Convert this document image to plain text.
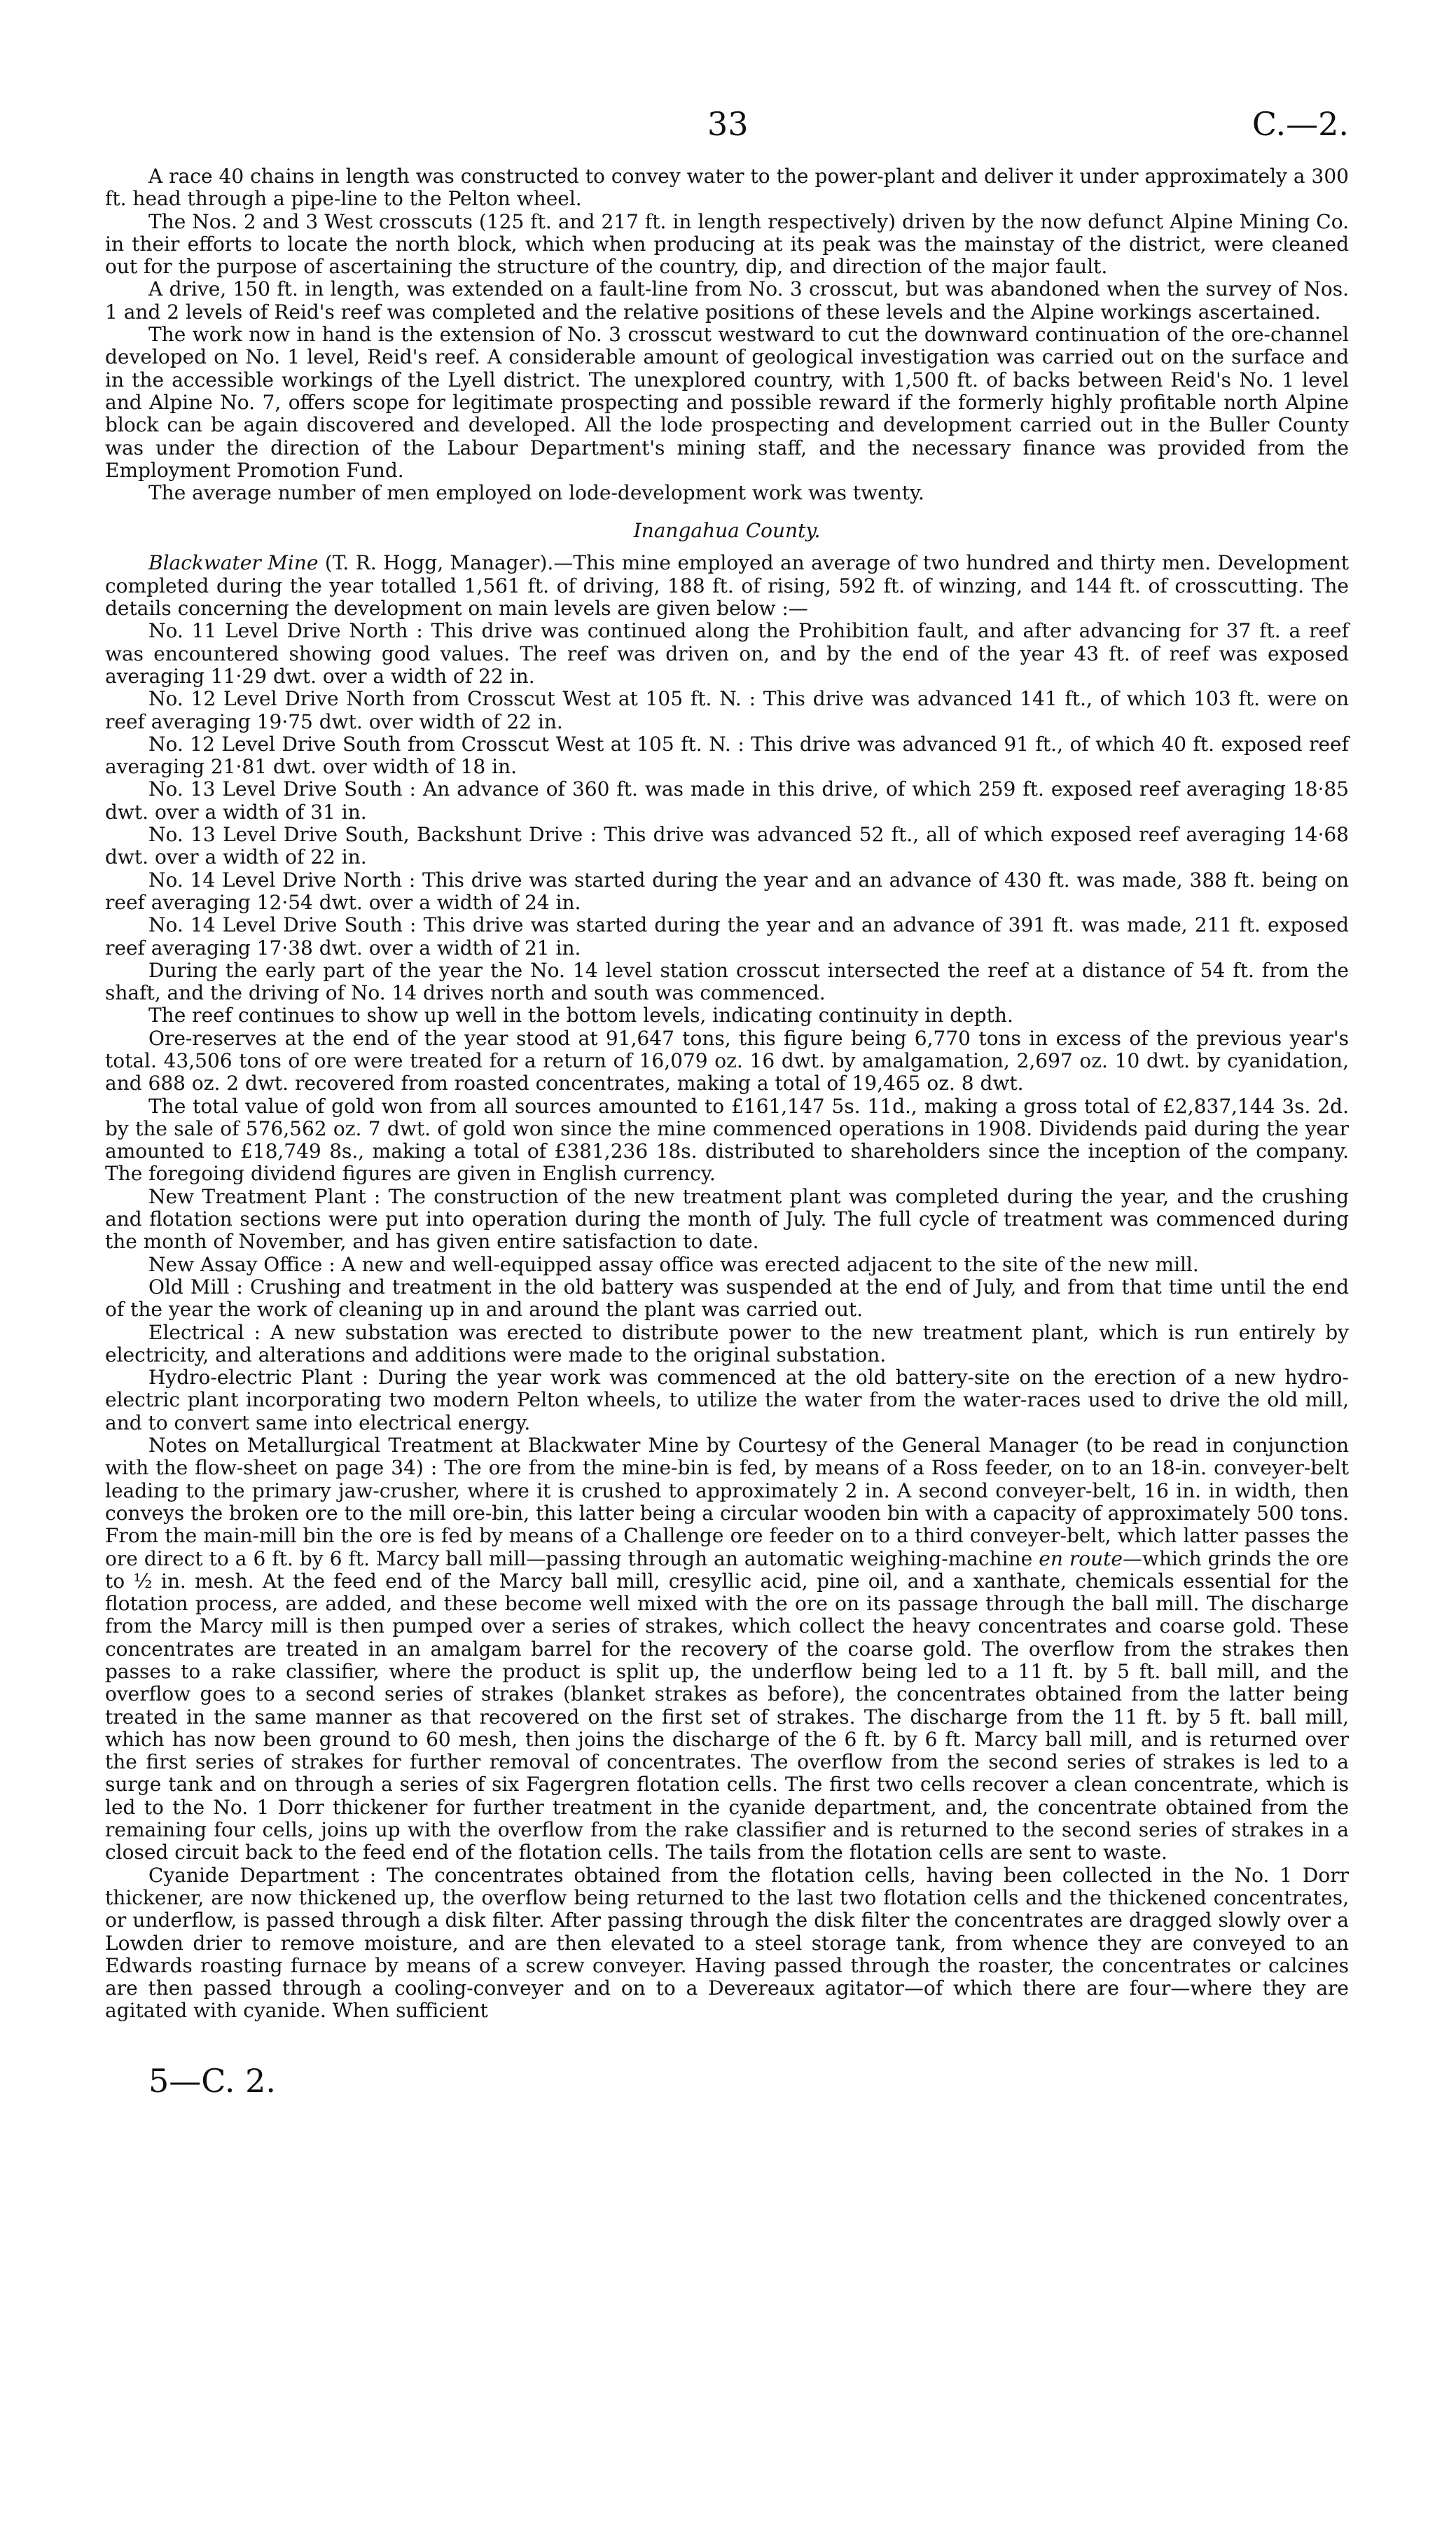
33	C.—2.

A race 40 chains in length was constructed to convey water to the power-plant and deliver it under approximately a 300 ft. head through a pipe-line to the Pelton wheel.

The Nos. 2 and 3 West crosscuts (125 ft. and 217 ft. in length respectively) driven by the now defunct Alpine Mining Co. in their efforts to locate the north block, which when producing at its peak was the mainstay of the district, were cleaned out for the purpose of ascertaining the structure of the country, dip, and direction of the major fault.

A drive, 150 ft. in length, was extended on a fault-line from No. 3 crosscut, but was abandoned when the survey of Nos. 1 and 2 levels of Reid's reef was completed and the relative positions of these levels and the Alpine workings ascertained.

The work now in hand is the extension of No. 3 crosscut westward to cut the downward continuation of the ore-channel developed on No. 1 level, Reid's reef. A considerable amount of geological investigation was carried out on the surface and in the accessible workings of the Lyell district. The unexplored country, with 1,500 ft. of backs between Reid's No. 1 level and Alpine No. 7, offers scope for legitimate prospecting and possible reward if the formerly highly profitable north Alpine block can be again discovered and developed. All the lode prospecting and development carried out in the Buller County was under the direction of the Labour Department's mining staff, and the necessary finance was provided from the Employment Promotion Fund.

The average number of men employed on lode-development work was twenty.

Inangahua County.

Blackwater Mine (T. R. Hogg, Manager).—This mine employed an average of two hundred and thirty men. Development completed during the year totalled 1,561 ft. of driving, 188 ft. of rising, 592 ft. of winzing, and 144 ft. of crosscutting. The details concerning the development on main levels are given below :—

No. 11 Level Drive North : This drive was continued along the Prohibition fault, and after advancing for 37 ft. a reef was encountered showing good values. The reef was driven on, and by the end of the year 43 ft. of reef was exposed averaging 11·29 dwt. over a width of 22 in.

No. 12 Level Drive North from Crosscut West at 105 ft. N. : This drive was advanced 141 ft., of which 103 ft. were on reef averaging 19·75 dwt. over width of 22 in.

No. 12 Level Drive South from Crosscut West at 105 ft. N. : This drive was advanced 91 ft., of which 40 ft. exposed reef averaging 21·81 dwt. over width of 18 in.

No. 13 Level Drive South : An advance of 360 ft. was made in this drive, of which 259 ft. exposed reef averaging 18·85 dwt. over a width of 31 in.

No. 13 Level Drive South, Backshunt Drive : This drive was advanced 52 ft., all of which exposed reef averaging 14·68 dwt. over a width of 22 in.

No. 14 Level Drive North : This drive was started during the year and an advance of 430 ft. was made, 388 ft. being on reef averaging 12·54 dwt. over a width of 24 in.

No. 14 Level Drive South : This drive was started during the year and an advance of 391 ft. was made, 211 ft. exposed reef averaging 17·38 dwt. over a width of 21 in.

During the early part of the year the No. 14 level station crosscut intersected the reef at a distance of 54 ft. from the shaft, and the driving of No. 14 drives north and south was commenced.

The reef continues to show up well in the bottom levels, indicating continuity in depth.

Ore-reserves at the end of the year stood at 91,647 tons, this figure being 6,770 tons in excess of the previous year's total. 43,506 tons of ore were treated for a return of 16,079 oz. 16 dwt. by amalgamation, 2,697 oz. 10 dwt. by cyanidation, and 688 oz. 2 dwt. recovered from roasted concentrates, making a total of 19,465 oz. 8 dwt.

The total value of gold won from all sources amounted to £161,147 5s. 11d., making a gross total of £2,837,144 3s. 2d. by the sale of 576,562 oz. 7 dwt. of gold won since the mine commenced operations in 1908. Dividends paid during the year amounted to £18,749 8s., making a total of £381,236 18s. distributed to shareholders since the inception of the company. The foregoing dividend figures are given in English currency.

New Treatment Plant : The construction of the new treatment plant was completed during the year, and the crushing and flotation sections were put into operation during the month of July. The full cycle of treatment was commenced during the month of November, and has given entire satisfaction to date.

New Assay Office : A new and well-equipped assay office was erected adjacent to the site of the new mill.

Old Mill : Crushing and treatment in the old battery was suspended at the end of July, and from that time until the end of the year the work of cleaning up in and around the plant was carried out.

Electrical : A new substation was erected to distribute power to the new treatment plant, which is run entirely by electricity, and alterations and additions were made to the original substation.

Hydro-electric Plant : During the year work was commenced at the old battery-site on the erection of a new hydro-electric plant incorporating two modern Pelton wheels, to utilize the water from the water-races used to drive the old mill, and to convert same into electrical energy.

Notes on Metallurgical Treatment at Blackwater Mine by Courtesy of the General Manager (to be read in conjunction with the flow-sheet on page 34) : The ore from the mine-bin is fed, by means of a Ross feeder, on to an 18-in. conveyer-belt leading to the primary jaw-crusher, where it is crushed to approximately 2 in. A second conveyer-belt, 16 in. in width, then conveys the broken ore to the mill ore-bin, this latter being a circular wooden bin with a capacity of approximately 500 tons. From the main-mill bin the ore is fed by means of a Challenge ore feeder on to a third conveyer-belt, which latter passes the ore direct to a 6 ft. by 6 ft. Marcy ball mill—passing through an automatic weighing-machine en route—which grinds the ore to ½ in. mesh. At the feed end of the Marcy ball mill, cresyllic acid, pine oil, and a xanthate, chemicals essential for the flotation process, are added, and these become well mixed with the ore on its passage through the ball mill. The discharge from the Marcy mill is then pumped over a series of strakes, which collect the heavy concentrates and coarse gold. These concentrates are treated in an amalgam barrel for the recovery of the coarse gold. The overflow from the strakes then passes to a rake classifier, where the product is split up, the underflow being led to a 11 ft. by 5 ft. ball mill, and the overflow goes to a second series of strakes (blanket strakes as before), the concentrates obtained from the latter being treated in the same manner as that recovered on the first set of strakes. The discharge from the 11 ft. by 5 ft. ball mill, which has now been ground to 60 mesh, then joins the discharge of the 6 ft. by 6 ft. Marcy ball mill, and is returned over the first series of strakes for further removal of concentrates. The overflow from the second series of strakes is led to a surge tank and on through a series of six Fagergren flotation cells. The first two cells recover a clean concentrate, which is led to the No. 1 Dorr thickener for further treatment in the cyanide department, and, the concentrate obtained from the remaining four cells, joins up with the overflow from the rake classifier and is returned to the second series of strakes in a closed circuit back to the feed end of the flotation cells. The tails from the flotation cells are sent to waste.

Cyanide Department : The concentrates obtained from the flotation cells, having been collected in the No. 1 Dorr thickener, are now thickened up, the overflow being returned to the last two flotation cells and the thickened concentrates, or underflow, is passed through a disk filter. After passing through the disk filter the concentrates are dragged slowly over a Lowden drier to remove moisture, and are then elevated to a steel storage tank, from whence they are conveyed to an Edwards roasting furnace by means of a screw conveyer. Having passed through the roaster, the concentrates or calcines are then passed through a cooling-conveyer and on to a Devereaux agitator—of which there are four—where they are agitated with cyanide. When sufficient

5—C. 2.
